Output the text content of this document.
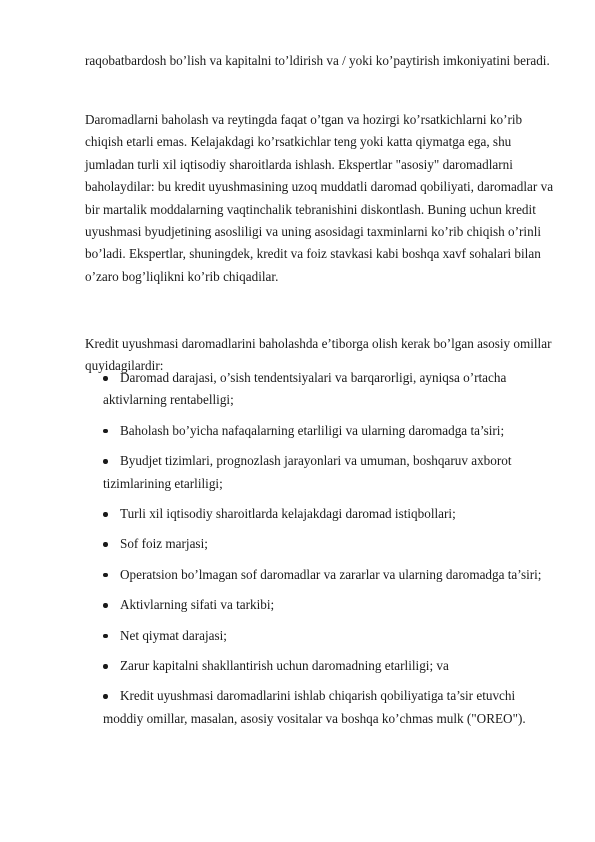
raqobatbardosh bo’lish va kapitalni to’ldirish va / yoki ko’paytirish imkoniyatini beradi.

Daromadlarni baholash va reytingda faqat o’tgan va hozirgi ko’rsatkichlarni ko’rib chiqish etarli emas. Kelajakdagi ko’rsatkichlar teng yoki katta qiymatga ega, shu jumladan turli xil iqtisodiy sharoitlarda ishlash. Ekspertlar "asosiy" daromadlarni baholaydilar: bu kredit uyushmasining uzoq muddatli daromad qobiliyati, daromadlar va bir martalik moddalarning vaqtinchalik tebranishini diskontlash. Buning uchun kredit uyushmasi byudjetining asosliligi va uning asosidagi taxminlarni ko’rib chiqish o’rinli bo’ladi. Ekspertlar, shuningdek, kredit va foiz stavkasi kabi boshqa xavf sohalari bilan o’zaro bog’liqlikni ko’rib chiqadilar.

Kredit uyushmasi daromadlarini baholashda e’tiborga olish kerak bo’lgan asosiy omillar quyidagilardir:

Daromad darajasi, o’sish tendentsiyalari va barqarorligi, ayniqsa o’rtacha aktivlarning rentabelligi;
Baholash bo’yicha nafaqalarning etarliligi va ularning daromadga ta’siri;
Byudjet tizimlari, prognozlash jarayonlari va umuman, boshqaruv axborot tizimlarining etarliligi;
Turli xil iqtisodiy sharoitlarda kelajakdagi daromad istiqbollari;
Sof foiz marjasi;
Operatsion bo’lmagan sof daromadlar va zararlar va ularning daromadga ta’siri;
Aktivlarning sifati va tarkibi;
Net qiymat darajasi;
Zarur kapitalni shakllantirish uchun daromadning etarliligi; va
Kredit uyushmasi daromadlarini ishlab chiqarish qobiliyatiga ta’sir etuvchi moddiy omillar, masalan, asosiy vositalar va boshqa ko’chmas mulk ("OREO").
